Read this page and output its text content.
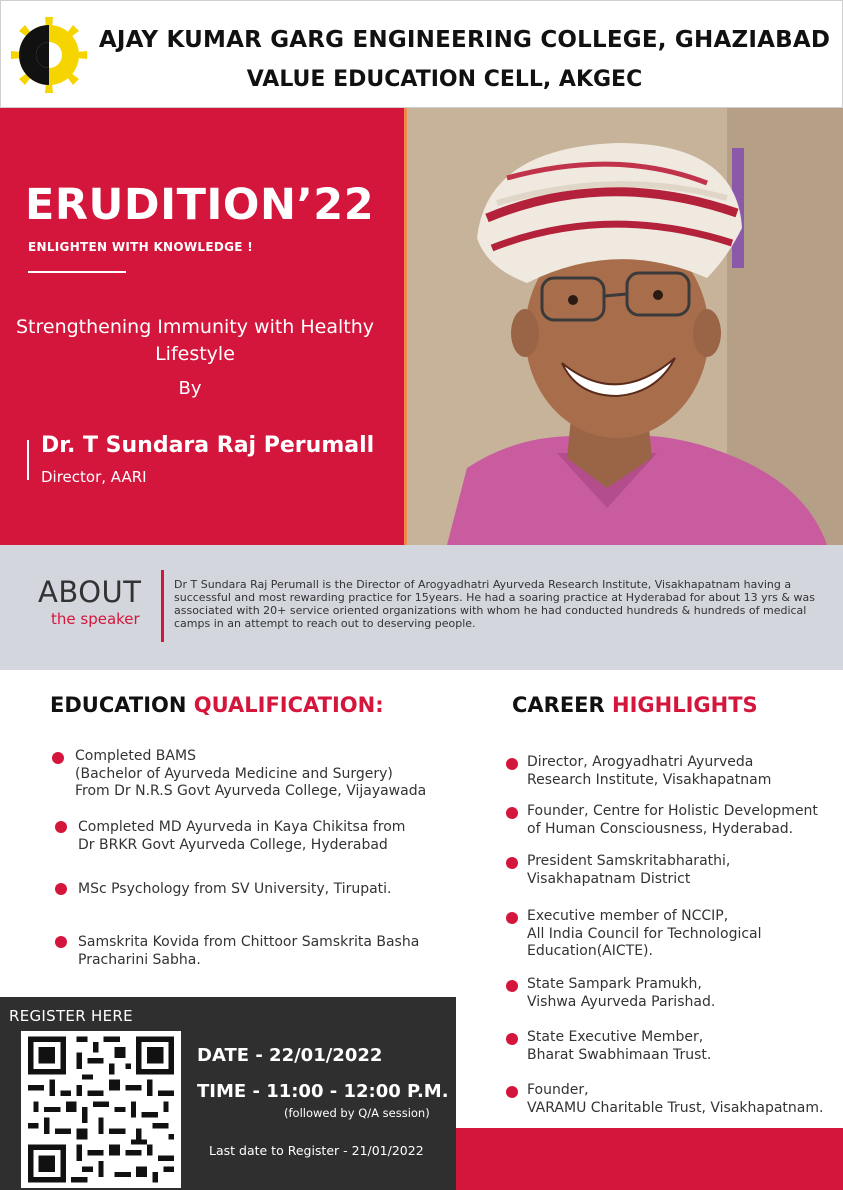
AJAY KUMAR GARG ENGINEERING COLLEGE, GHAZIABAD
VALUE EDUCATION CELL, AKGEC
ERUDITION’22
ENLIGHTEN WITH KNOWLEDGE !
Strengthening Immunity with Healthy Lifestyle
By
Dr. T Sundara Raj Perumall
Director, AARI
ABOUT
the speaker
Dr T Sundara Raj Perumall is the Director of Arogyadhatri Ayurveda Research Institute, Visakhapatnam having a successful and most rewarding practice for 15years. He had a soaring practice at Hyderabad for about 13 yrs & was associated with 20+ service oriented organizations with whom he had conducted hundreds & hundreds of medical camps in an attempt to reach out to deserving people.
EDUCATION QUALIFICATION:
Completed BAMS
(Bachelor of Ayurveda Medicine and Surgery)
From Dr N.R.S Govt Ayurveda College, Vijayawada
Completed MD Ayurveda in Kaya Chikitsa from
Dr BRKR Govt Ayurveda College, Hyderabad
MSc Psychology from SV University, Tirupati.
Samskrita Kovida from Chittoor Samskrita Basha
Pracharini Sabha.
CAREER HIGHLIGHTS
Director, Arogyadhatri Ayurveda
Research Institute, Visakhapatnam
Founder, Centre for Holistic Development
of Human Consciousness, Hyderabad.
President Samskritabharathi,
Visakhapatnam District
Executive member of NCCIP,
All India Council for Technological
Education(AICTE).
State Sampark Pramukh,
Vishwa Ayurveda Parishad.
State Executive Member,
Bharat Swabhimaan Trust.
Founder,
VARAMU Charitable Trust, Visakhapatnam.
REGISTER HERE
DATE - 22/01/2022
TIME - 11:00 - 12:00 P.M.
(followed by Q/A session)
Last date to Register - 21/01/2022
